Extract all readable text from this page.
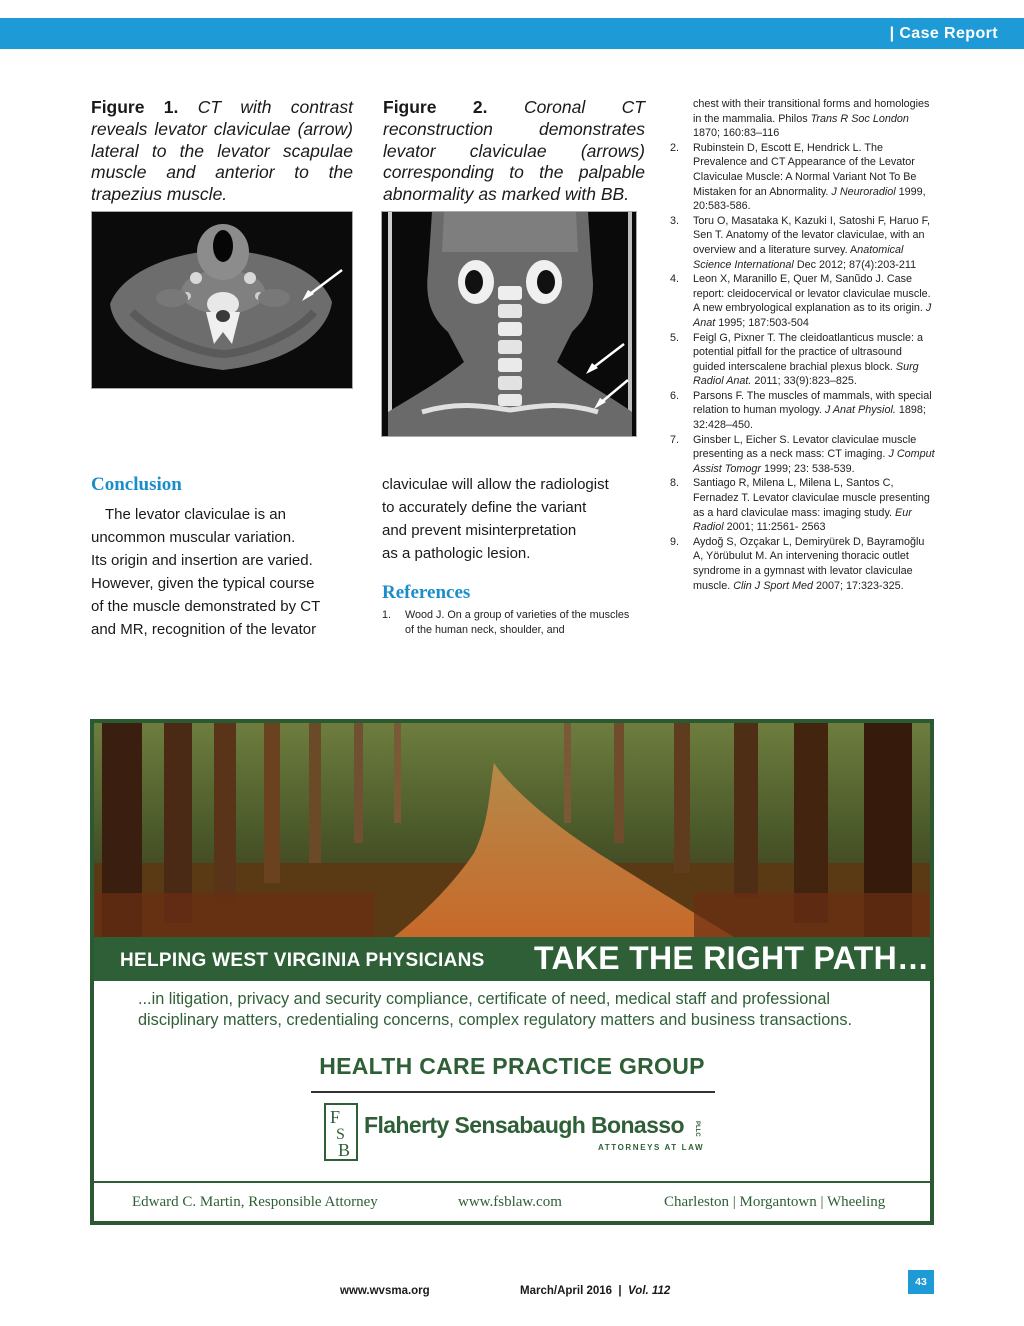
| Case Report
Figure 1. CT with contrast reveals levator claviculae (arrow) lateral to the levator scapulae muscle and anterior to the trapezius muscle.
Figure 2. Coronal CT reconstruction demonstrates levator claviculae (arrows) corresponding to the palpable abnormality as marked with BB.
Conclusion
The levator claviculae is an
uncommon muscular variation.
Its origin and insertion are varied.
However, given the typical course
of the muscle demonstrated by CT
and MR, recognition of the levator
claviculae will allow the radiologist
to accurately define the variant
and prevent misinterpretation
as a pathologic lesion.
References
1.	Wood J. On a group of varieties of the muscles of the human neck, shoulder, and
chest with their transitional forms and homologies in the mammalia. Philos Trans R Soc London 1870; 160:83–116
2.	Rubinstein D, Escott E, Hendrick L. The Prevalence and CT Appearance of the Levator Claviculae Muscle: A Normal Variant Not To Be Mistaken for an Abnormality. J Neuroradiol 1999, 20:583-586.
3.	Toru O, Masataka K, Kazuki I, Satoshi F, Haruo F, Sen T. Anatomy of the levator claviculae, with an overview and a literature survey. Anatomical Science International Dec 2012; 87(4):203-211
4.	Leon X, Maranillo E, Quer M, Sanũdo J. Case report: cleidocervical or levator claviculae muscle. A new embryological explanation as to its origin. J Anat 1995; 187:503-504
5.	Feigl G, Pixner T. The cleidoatlanticus muscle: a potential pitfall for the practice of ultrasound guided interscalene brachial plexus block. Surg Radiol Anat. 2011; 33(9):823–825.
6.	Parsons F. The muscles of mammals, with special relation to human myology. J Anat Physiol. 1898; 32:428–450.
7.	Ginsber L, Eicher S. Levator claviculae muscle presenting as a neck mass: CT imaging. J Comput Assist Tomogr 1999; 23: 538-539.
8.	Santiago R, Milena L, Milena L, Santos C, Fernadez T. Levator claviculae muscle presenting as a hard claviculae mass: imaging study. Eur Radiol 2001; 11:2561- 2563
9.	Aydoğ S, Ozçakar L, Demiryürek D, Bayramoğlu A, Yörübulut M. An intervening thoracic outlet syndrome in a gymnast with levator claviculae muscle. Clin J Sport Med 2007; 17:323-325.
HELPING WEST VIRGINIA PHYSICIANS TAKE THE RIGHT PATH…
...in litigation, privacy and security compliance, certificate of need, medical staff and professional disciplinary matters, credentialing concerns, complex regulatory matters and business transactions.
HEALTH CARE PRACTICE GROUP
F
S
B
Flaherty Sensabaugh Bonasso PLLC
ATTORNEYS AT LAW
Edward C. Martin, Responsible Attorney	www.fsblaw.com	Charleston | Morgantown | Wheeling
www.wvsma.org	March/April 2016  |  Vol. 112
43
